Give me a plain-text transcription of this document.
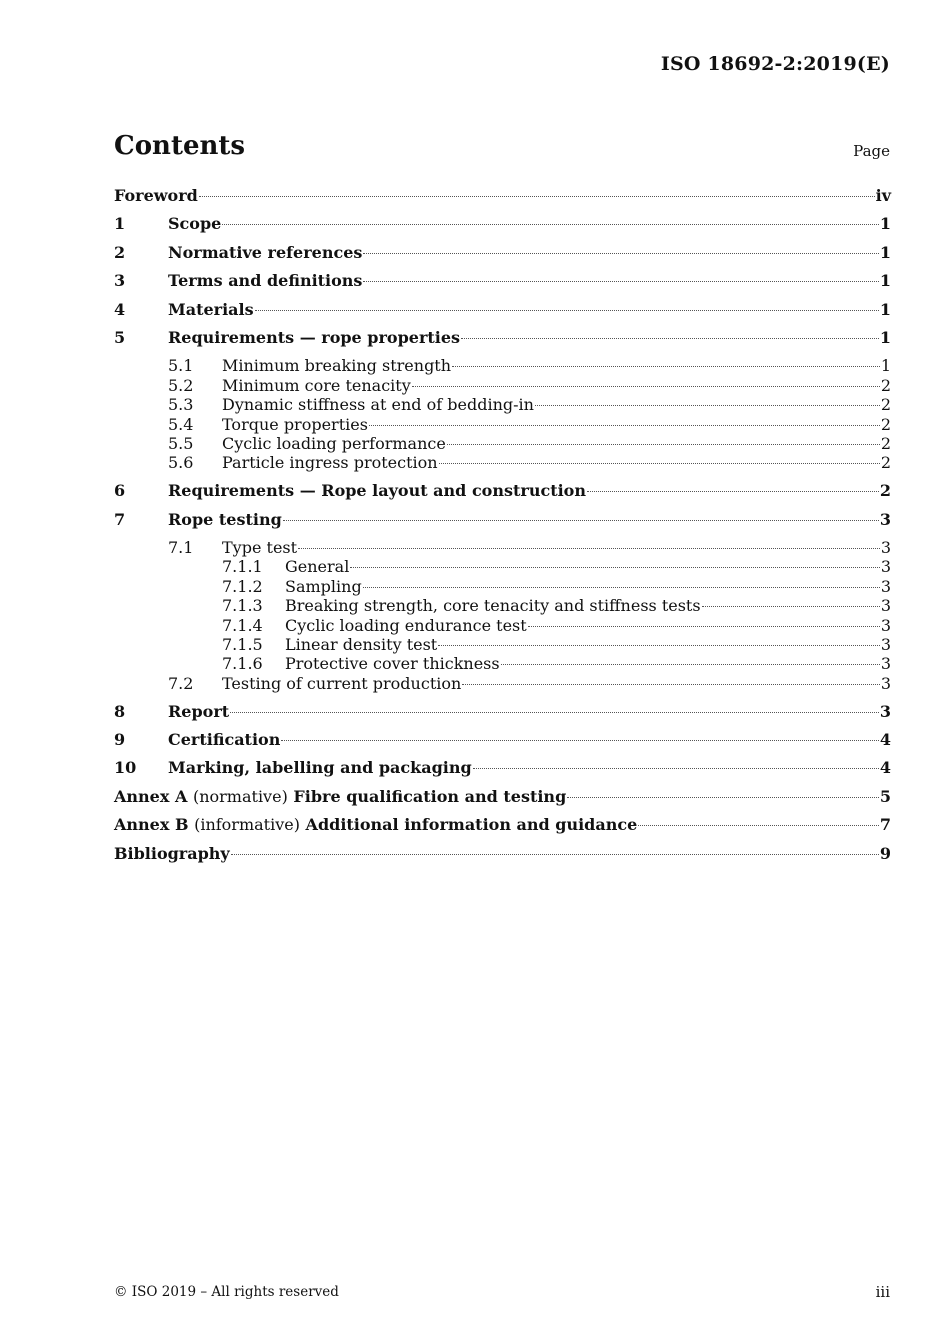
ISO 18692-2:2019(E)
Contents	Page
Foreword	iv
1	Scope	1
2	Normative references	1
3	Terms and definitions	1
4	Materials	1
5	Requirements — rope properties	1
5.1	Minimum breaking strength	1
5.2	Minimum core tenacity	2
5.3	Dynamic stiffness at end of bedding-in	2
5.4	Torque properties	2
5.5	Cyclic loading performance	2
5.6	Particle ingress protection	2
6	Requirements — Rope layout and construction	2
7	Rope testing	3
7.1	Type test	3
7.1.1	General	3
7.1.2	Sampling	3
7.1.3	Breaking strength, core tenacity and stiffness tests	3
7.1.4	Cyclic loading endurance test	3
7.1.5	Linear density test	3
7.1.6	Protective cover thickness	3
7.2	Testing of current production	3
8	Report	3
9	Certification	4
10	Marking, labelling and packaging	4
Annex A (normative) Fibre qualification and testing	5
Annex B (informative) Additional information and guidance	7
Bibliography	9
© ISO 2019 – All rights reserved	iii
